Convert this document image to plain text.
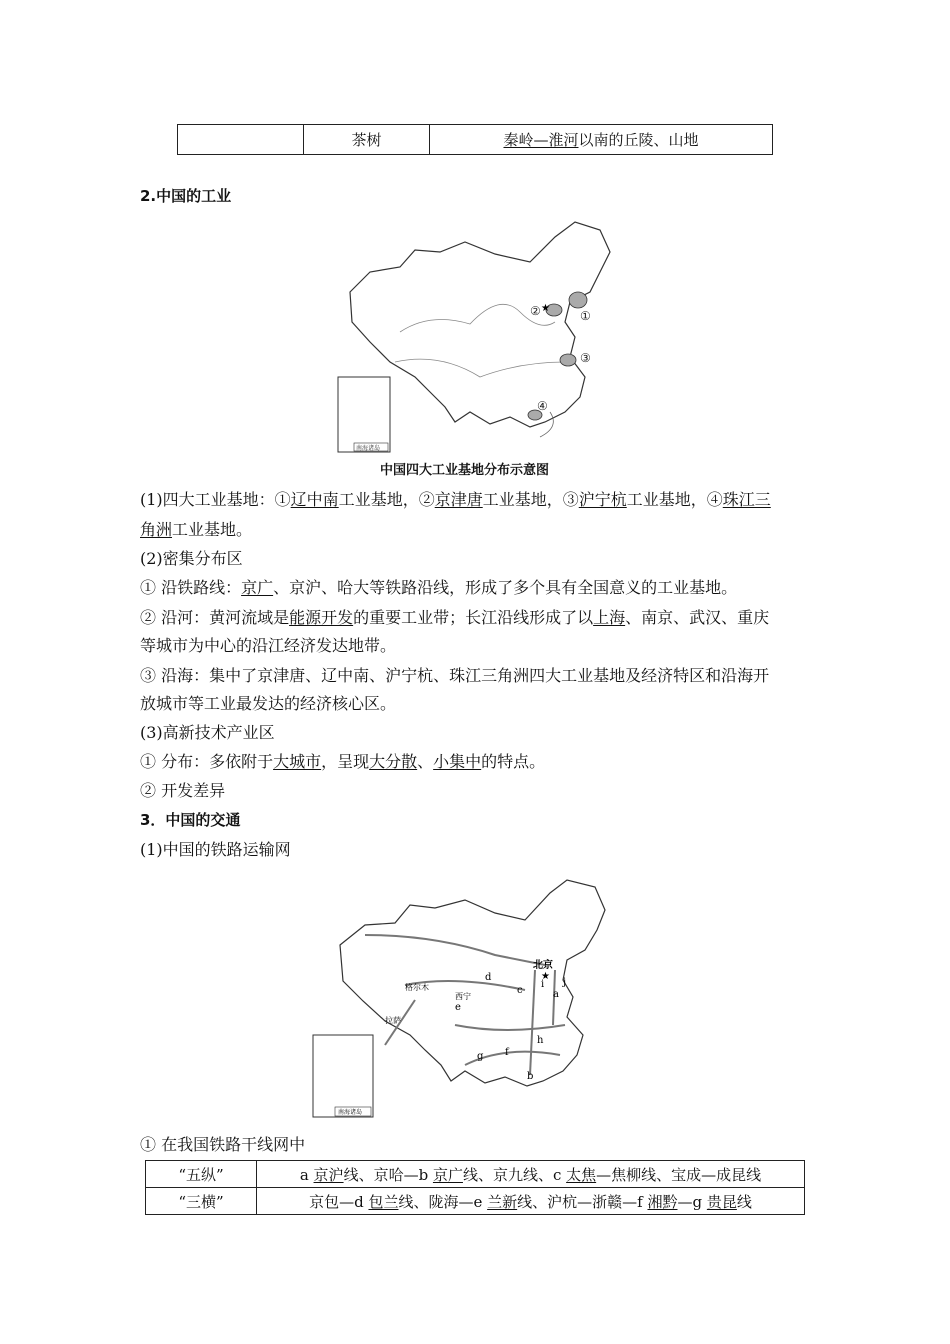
	茶树	秦岭—淮河以南的丘陵、山地
2.中国的工业
①
②
③
④
★
南海诸岛
中国四大工业基地分布示意图
(1)四大工业基地：①辽中南工业基地，②京津唐工业基地，③沪宁杭工业基地，④珠江三
角洲工业基地。
(2)密集分布区
① 沿铁路线：京广、京沪、哈大等铁路沿线，形成了多个具有全国意义的工业基地。
② 沿河：黄河流域是能源开发的重要工业带；长江沿线形成了以上海、南京、武汉、重庆
等城市为中心的沿江经济发达地带。
③ 沿海：集中了京津唐、辽中南、沪宁杭、珠江三角洲四大工业基地及经济特区和沿海开
放城市等工业最发达的经济核心区。
(3)高新技术产业区
① 分布：多依附于大城市，呈现大分散、小集中的特点。
② 开发差异
3．中国的交通
(1)中国的铁路运输网
北京
★
格尔木
西宁
拉萨
a
b
c
d
e
f
g
h
i j
南海诸岛
① 在我国铁路干线网中
“五纵”	a 京沪线、京哈—b 京广线、京九线、c 太焦—焦柳线、宝成—成昆线
“三横”	京包—d 包兰线、陇海—e 兰新线、沪杭—浙赣—f 湘黔—g 贵昆线
